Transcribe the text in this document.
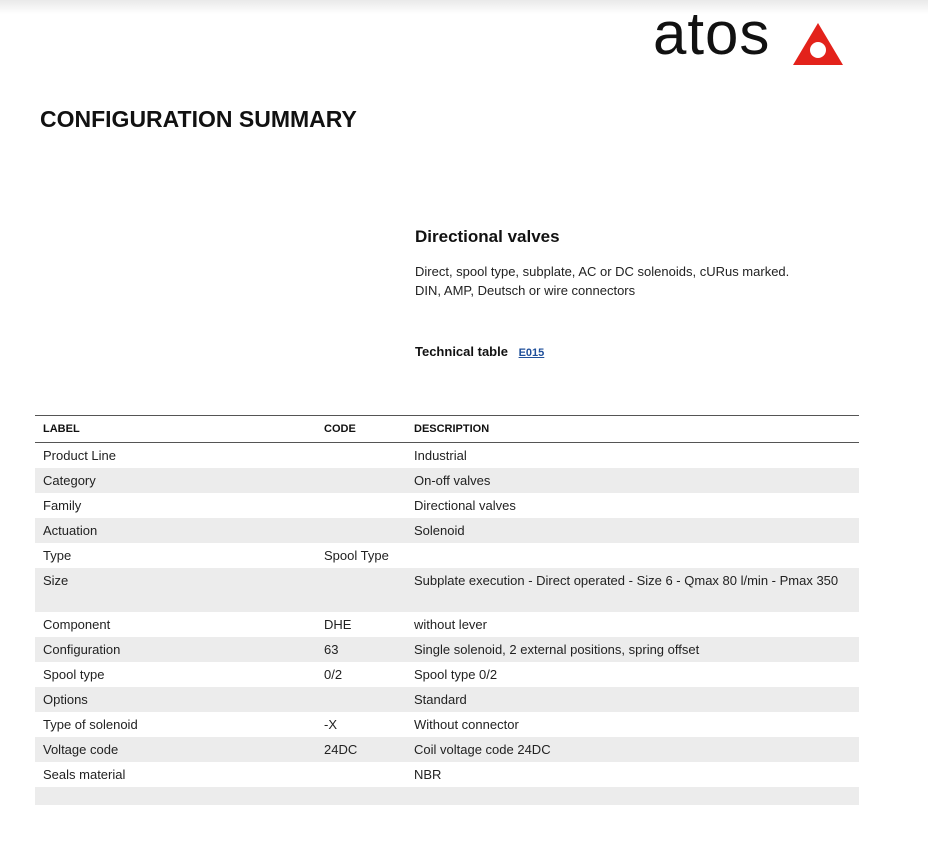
atos
CONFIGURATION SUMMARY
Directional valves
Direct, spool type, subplate, AC or DC solenoids, cURus marked.
DIN, AMP, Deutsch or wire connectors
Technical table E015
LABEL	CODE	DESCRIPTION
Product Line		Industrial
Category		On-off valves
Family		Directional valves
Actuation		Solenoid
Type	Spool Type	
Size		Subplate execution - Direct operated - Size 6 - Qmax 80 l/min - Pmax 350
Component	DHE	without lever
Configuration	63	Single solenoid, 2 external positions, spring offset
Spool type	0/2	Spool type 0/2
Options		Standard
Type of solenoid	-X	Without connector
Voltage code	24DC	Coil voltage code 24DC
Seals material		NBR
